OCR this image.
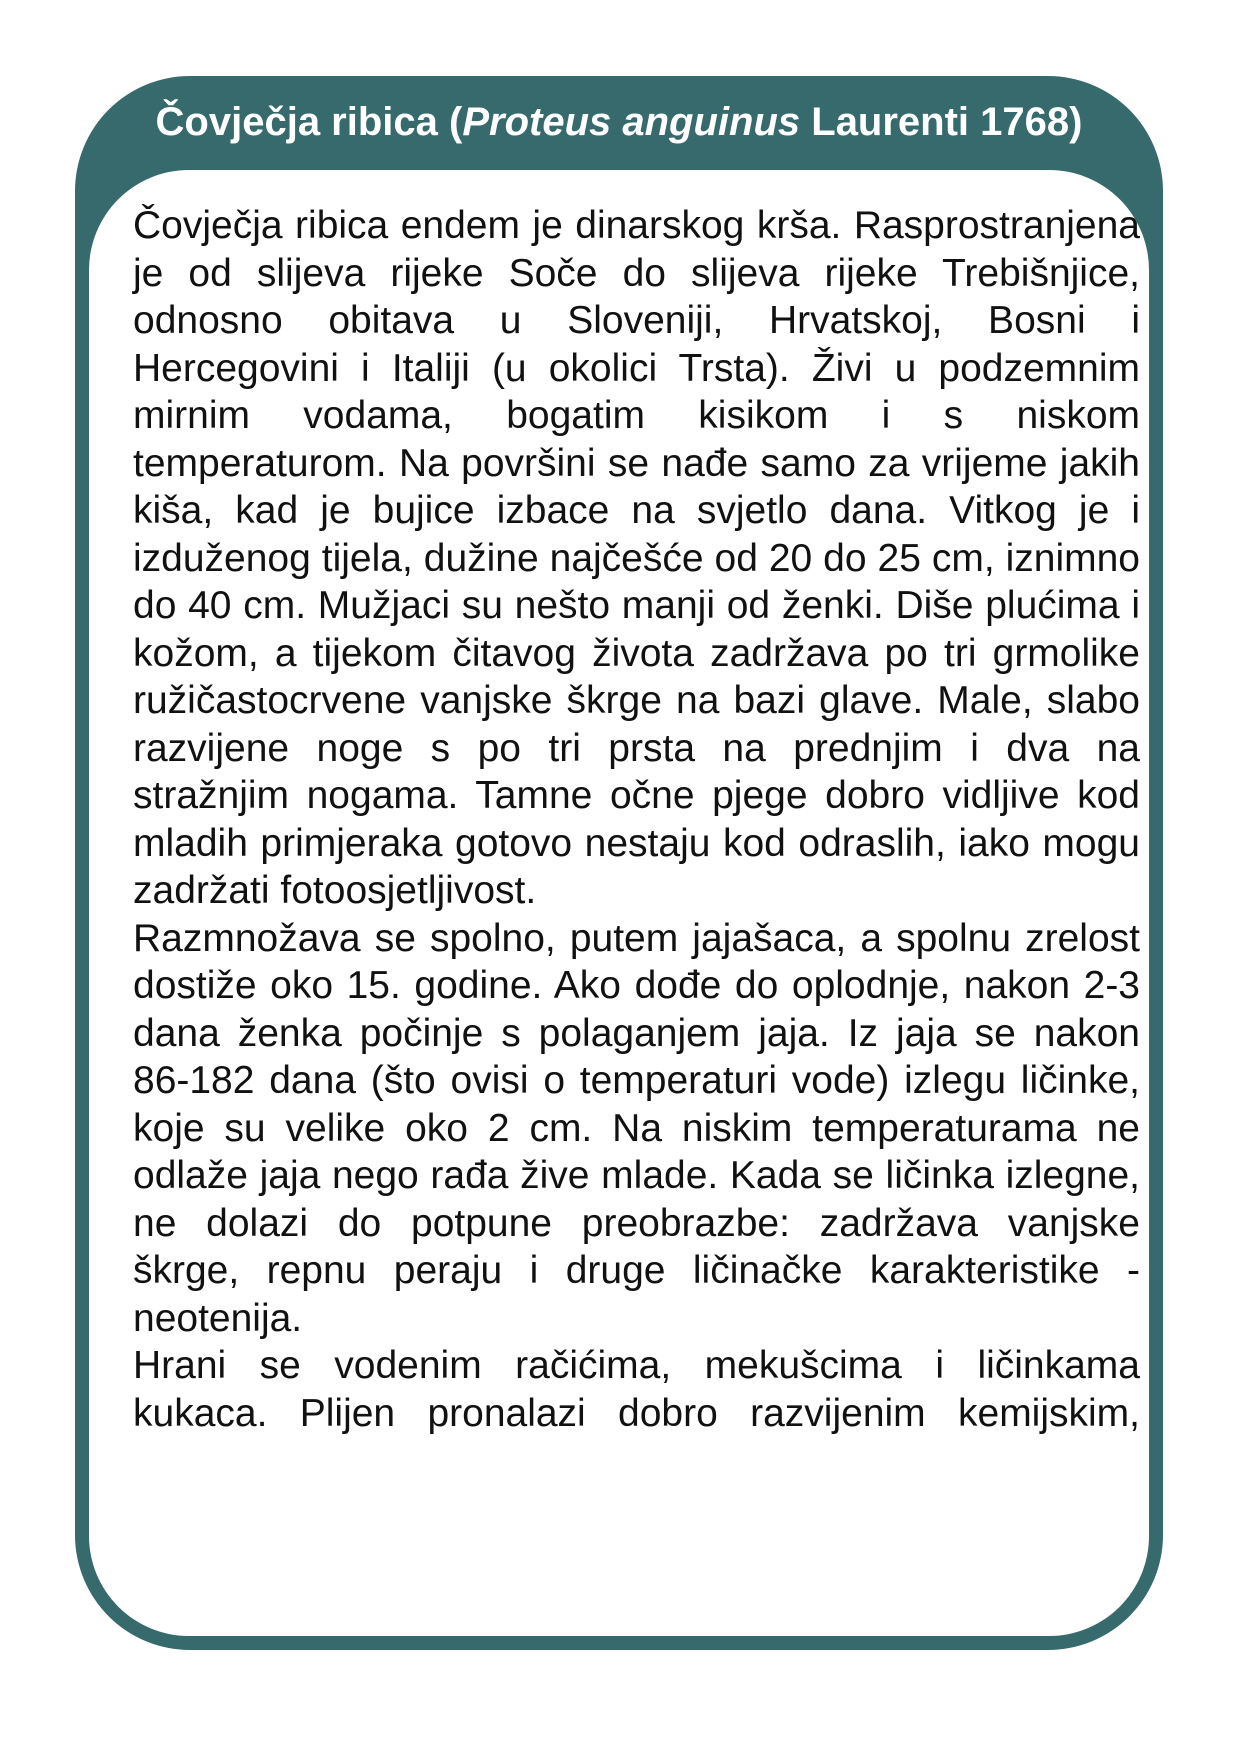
Čovječja ribica (Proteus anguinus Laurenti 1768)

Čovječja ribica endem je dinarskog krša. Rasprostranjena je od slijeva rijeke Soče do slijeva rijeke Trebišnjice, odnosno obitava u Sloveniji, Hrvatskoj, Bosni i Hercegovini i Italiji (u okolici Trsta). Živi u podzemnim mirnim vodama, bogatim kisikom i s niskom temperaturom. Na površini se nađe samo za vrijeme jakih kiša, kad je bujice izbace na svjetlo dana. Vitkog je i izduženog tijela, dužine najčešće od 20 do 25 cm, iznimno do 40 cm. Mužjaci su nešto manji od ženki. Diše plućima i kožom, a tijekom čitavog života zadržava po tri grmolike ružičastocrvene vanjske škrge na bazi glave. Male, slabo razvijene noge s po tri prsta na prednjim i dva na stražnjim nogama. Tamne očne pjege dobro vidljive kod mladih primjeraka gotovo nestaju kod odraslih, iako mogu zadržati fotoosjetljivost.

Razmnožava se spolno, putem jajašaca, a spolnu zrelost dostiže oko 15. godine. Ako dođe do oplodnje, nakon 2-3 dana ženka počinje s polaganjem jaja. Iz jaja se nakon 86-182 dana (što ovisi o temperaturi vode) izlegu ličinke, koje su velike oko 2 cm. Na niskim temperaturama ne odlaže jaja nego rađa žive mlade. Kada se ličinka izlegne, ne dolazi do potpune preobrazbe: zadržava vanjske škrge, repnu peraju i druge ličinačke karakteristike - neotenija.

Hrani se vodenim račićima, mekušcima i ličinkama kukaca. Plijen pronalazi dobro razvijenim kemijskim,
